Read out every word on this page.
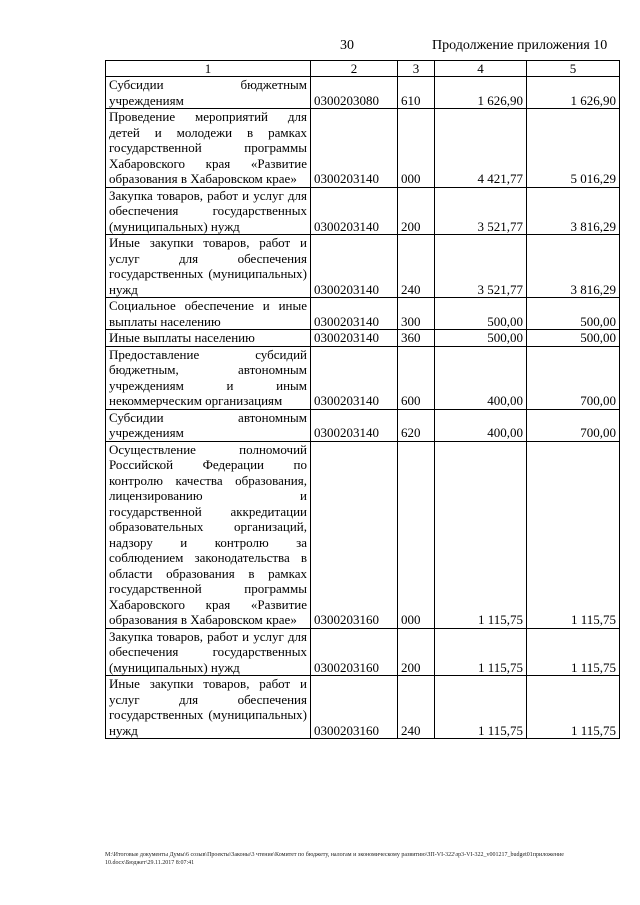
30	Продолжение приложения 10
1	2	3	4	5
Субсидии бюджетным учреждениям	0300203080	610	1 626,90	1 626,90
Проведение мероприятий для детей и молодежи в рамках государственной программы Хабаровского края «Развитие образования в Хабаровском крае»	0300203140	000	4 421,77	5 016,29
Закупка товаров, работ и услуг для обеспечения государственных (муниципальных) нужд	0300203140	200	3 521,77	3 816,29
Иные закупки товаров, работ и услуг для обеспечения государственных (муниципальных) нужд	0300203140	240	3 521,77	3 816,29
Социальное обеспечение и иные выплаты населению	0300203140	300	500,00	500,00
Иные выплаты населению	0300203140	360	500,00	500,00
Предоставление субсидий бюджетным, автономным учреждениям и иным некоммерческим организациям	0300203140	600	400,00	700,00
Субсидии автономным учреждениям	0300203140	620	400,00	700,00
Осуществление полномочий Российской Федерации по контролю качества образования, лицензированию и государственной аккредитации образовательных организаций, надзору и контролю за соблюдением законодательства в области образования в рамках государственной программы Хабаровского края «Развитие образования в Хабаровском крае»	0300203160	000	1 115,75	1 115,75
Закупка товаров, работ и услуг для обеспечения государственных (муниципальных) нужд	0300203160	200	1 115,75	1 115,75
Иные закупки товаров, работ и услуг для обеспечения государственных (муниципальных) нужд	0300203160	240	1 115,75	1 115,75
M:\Итоговые документы Думы\6 созыв\Проекты\Законы\3 чтение\Комитет по бюджету, налогам и экономическому развитию\ЗП-VI-322\зр3-VI-322_v001217_budget01приложение 10.docx\Бюджет\29.11.2017 8:07:41
